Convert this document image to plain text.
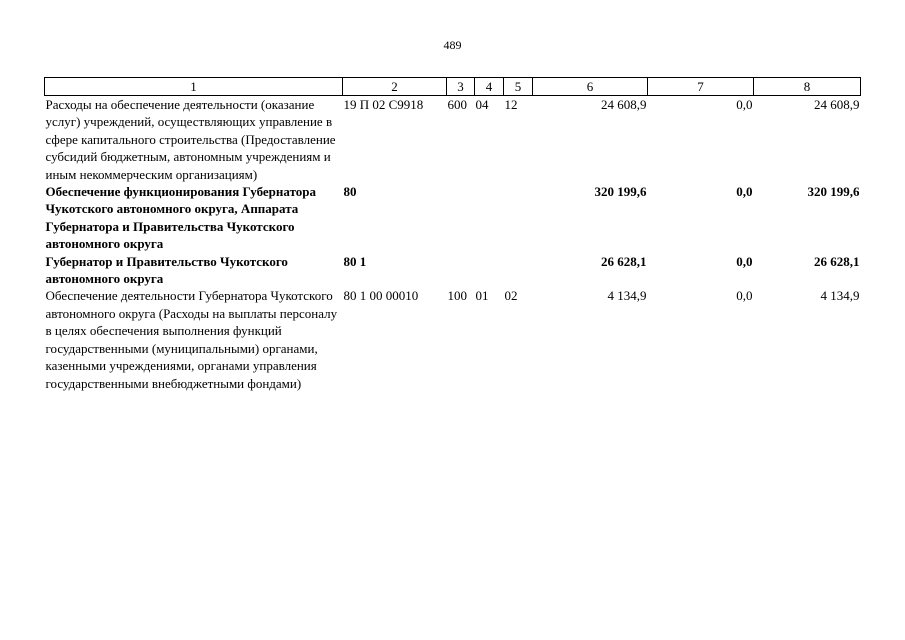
489
1	2	3	4	5	6	7	8
Расходы на обеспечение деятельности (оказание услуг) учреждений, осуществляющих управление в сфере капитального строительства (Предоставление субсидий бюджетным, автономным учреждениям и иным некоммерческим организациям)	19 П 02 С9918	600	04	12	24 608,9	0,0	24 608,9
Обеспечение функционирования Губернатора Чукотского автономного округа, Аппарата Губернатора и Правительства Чукотского автономного округа	80				320 199,6	0,0	320 199,6
Губернатор и Правительство Чукотского автономного округа	80 1				26 628,1	0,0	26 628,1
Обеспечение деятельности Губернатора Чукотского автономного округа (Расходы на выплаты персоналу в целях обеспечения выполнения функций государственными (муниципальными) органами, казенными учреждениями, органами управления государственными внебюджетными фондами)	80 1 00 00010	100	01	02	4 134,9	0,0	4 134,9
